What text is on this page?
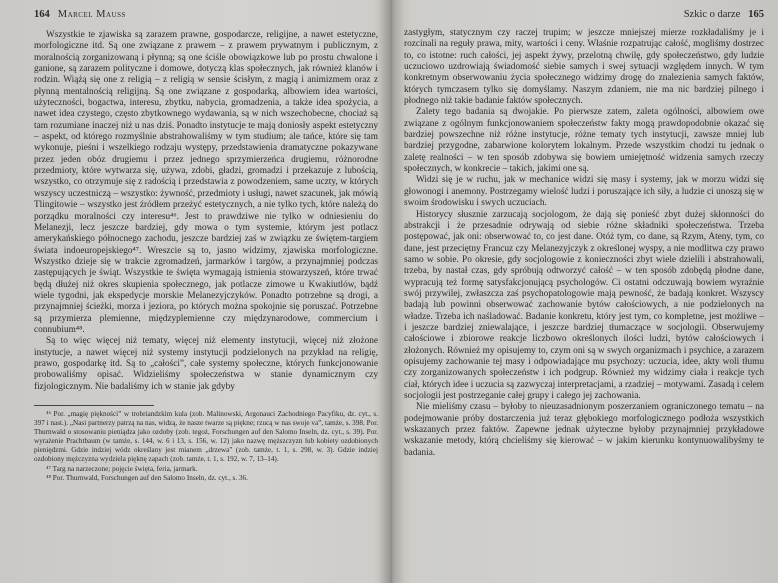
164 Marcel Mauss

Wszystkie te zjawiska są zarazem prawne, gospodarcze, religijne, a nawet estetyczne, morfologiczne itd. Są one związane z prawem – z prawem prywatnym i publicznym, z moralnością zorganizowaną i płynną; są one ściśle obowiązkowe lub po prostu chwalone i ganione, są zarazem polityczne i domowe, dotyczą klas społecznych, jak również klanów i rodzin. Wiążą się one z religią – z religią w sensie ścisłym, z magią i animizmem oraz z płynną mentalnością religijną. Są one związane z gospodarką, albowiem idea wartości, użyteczności, bogactwa, interesu, zbytku, nabycia, gromadzenia, a także idea spożycia, a nawet idea czystego, często zbytkownego wydawania, są w nich wszechobecne, chociaż są tam rozumiane inaczej niż u nas dziś. Ponadto instytucje te mają doniosły aspekt estetyczny – aspekt, od którego rozmyślnie abstrahowaliśmy w tym studium; ale tańce, które się tam wykonuje, pieśni i wszelkiego rodzaju występy, przedstawienia dramatyczne pokazywane przez jeden obóz drugiemu i przez jednego sprzymierzeńca drugiemu, różnorodne przedmioty, które wytwarza się, używa, zdobi, gładzi, gromadzi i przekazuje z lubością, wszystko, co otrzymuje się z radością i przedstawia z powodzeniem, same uczty, w których wszyscy uczestniczą – wszystko: żywność, przedmioty i usługi, nawet szacunek, jak mówią Tlingitowie – wszystko jest źródłem przeżyć estetycznych, a nie tylko tych, które należą do porządku moralności czy interesu⁴⁶. Jest to prawdziwe nie tylko w odniesieniu do Melanezji, lecz jeszcze bardziej, gdy mowa o tym systemie, którym jest potlacz amerykańskiego północnego zachodu, jeszcze bardziej zaś w związku ze świętem-targiem świata indoeuropejskiego⁴⁷. Wreszcie są to, jasno widzimy, zjawiska morfologiczne. Wszystko dzieje się w trakcie zgromadzeń, jarmarków i targów, a przynajmniej podczas zastępujących je świąt. Wszystkie te święta wymagają istnienia stowarzyszeń, które trwać będą dłużej niż okres skupienia społecznego, jak potlacze zimowe u Kwakiutlów, bądź wiele tygodni, jak ekspedycje morskie Melanezyjczyków. Ponadto potrzebne są drogi, a przynajmniej ścieżki, morza i jeziora, po których można spokojnie się poruszać. Potrzebne są przymierza plemienne, międzyplemienne czy międzynarodowe, commercium i connubium⁴⁸.

Są to więc więcej niż tematy, więcej niż elementy instytucji, więcej niż złożone instytucje, a nawet więcej niż systemy instytucji podzielonych na przykład na religię, prawo, gospodarkę itd. Są to „całości”, całe systemy społeczne, których funkcjonowanie probowaliśmy opisać. Widzieliśmy społeczeństwa w stanie dynamicznym czy fizjologicznym. Nie badaliśmy ich w stanie jak gdyby

⁴⁶ Por. „magię piękności” w trobriandzkim kula (zob. Malinowski, Argonauci Zachodniego Pacyfiku, dz. cyt., s. 397 i nast.). „Nasi partnerzy patrzą na nas, widzą, że nasze twarze są piękne; rzucą w nas swoje va”, tamże, s. 398. Por. Thurnwald o stosowaniu pieniądza jako ozdoby (zob. tegoż, Forschungen auf den Salomo Inseln, dz. cyt., s. 39). Por. wyrażenie Prachtbaum (w tamże, s. 144, w. 6 i 13, s. 156, w. 12) jako nazwę męższczyzn lub kobiety ozdobionych pieniędzmi. Gdzie indziej wódz określany jest mianem „drzewa” (zob. tamże, t. 1, s. 298, w. 3). Gdzie indziej ozdobiony mężczyzna wydziela pięknę zapach (zob. tamże, t. 1, s. 192, w. 7, 13–14).

⁴⁷ Targ na narzeczone; pojęcie święta, feria, jarmark.

⁴⁸ Por. Thurnwald, Forschungen auf den Salomo Inseln, dz. cyt., s. 36.

Szkic o darze 165

zastygłym, statycznym czy raczej trupim; w jeszcze mniejszej mierze rozkładaliśmy je i rozcinali na reguły prawa, mity, wartości i ceny. Właśnie rozpatrując całość, mogliśmy dostrzec to, co istotne: ruch całości, jej aspekt żywy, przelotną chwilę, gdy społeczeństwo, gdy ludzie uczuciowo uzdrowiają świadomość siebie samych i swej sytuacji względem innych. W tym konkretnym obserwowaniu życia społecznego widzimy drogę do znalezienia samych faktów, których tymczasem tylko się domyślamy. Naszym zdaniem, nie ma nic bardziej pilnego i płodnego niż takie badanie faktów społecznych.

Zalety tego badania są dwojakie. Po pierwsze zatem, zaleta ogólności, albowiem owe związane z ogólnym funkcjonowaniem społeczeństw fakty mogą prawdopodobnie okazać się bardziej powszechne niż różne instytucje, różne tematy tych instytucji, zawsze mniej lub bardziej przygodne, zabarwione kolorytem lokalnym. Przede wszystkim chodzi tu jednak o zaletę realności – w ten sposób zdobywa się bowiem umiejętność widzenia samych rzeczy społecznych, w konkrecie – takich, jakimi one są.

Widzi się je w ruchu, jak w mechanice widzi się masy i systemy, jak w morzu widzi się głowonogi i anemony. Postrzegamy wielość ludzi i poruszające ich siły, a ludzie ci unoszą się w swoim środowisku i swych uczuciach.

Historycy słusznie zarzucają socjologom, że dają się ponieść zbyt dużej skłonności do abstrakcji i że przesadnie odrywają od siebie różne składniki społeczeństwa. Trzeba postępować, jak oni: obserwować to, co jest dane. Otóż tym, co dane, są Rzym, Ateny, tym, co dane, jest przeciętny Francuz czy Melanezyjczyk z określonej wyspy, a nie modlitwa czy prawo samo w sobie. Po okresie, gdy socjologowie z konieczności zbyt wiele dzielili i abstrahowali, trzeba, by nastał czas, gdy spróbują odtworzyć całość – w ten sposób zdobędą płodne dane, wypracują też formę satysfakcjonującą psychologów. Ci ostatni odczuwają bowiem wyraźnie swój przywilej, zwłaszcza zaś psychopatologowie mają pewność, że badają konkret. Wszyscy badają lub powinni obserwować zachowanie bytów całościowych, a nie podzielonych na władze. Trzeba ich naśladować. Badanie konkretu, który jest tym, co kompletne, jest możliwe – i jeszcze bardziej zniewalające, i jeszcze bardziej tłumaczące w socjologii. Obserwujemy całościowe i zbiorowe reakcje liczbowo określonych ilości ludzi, bytów całościowych i złożonych. Również my opisujemy to, czym oni są w swych organizmach i psychice, a zarazem opisujemy zachowanie tej masy i odpowiadające mu psychozy: uczucia, idee, akty woli tłumu czy zorganizowanych społeczeństw i ich podgrup. Również my widzimy ciała i reakcje tych ciał, których idee i uczucia są zazwyczaj interpretacjami, a rzadziej – motywami. Zasadą i celem socjologii jest postrzeganie całej grupy i całego jej zachowania.

Nie mieliśmy czasu – byłoby to nieuzasadnionym poszerzaniem ograniczonego tematu – na podejmowanie próby dostarczenia już teraz głębokiego morfologicznego podłoża wszystkich wskazanych przez faktów. Zapewne jednak użyteczne byłoby przynajmniej przykładowe wskazanie metody, którą chcieliśmy się kierować – w jakim kierunku kontynuowalibyśmy te badania.
